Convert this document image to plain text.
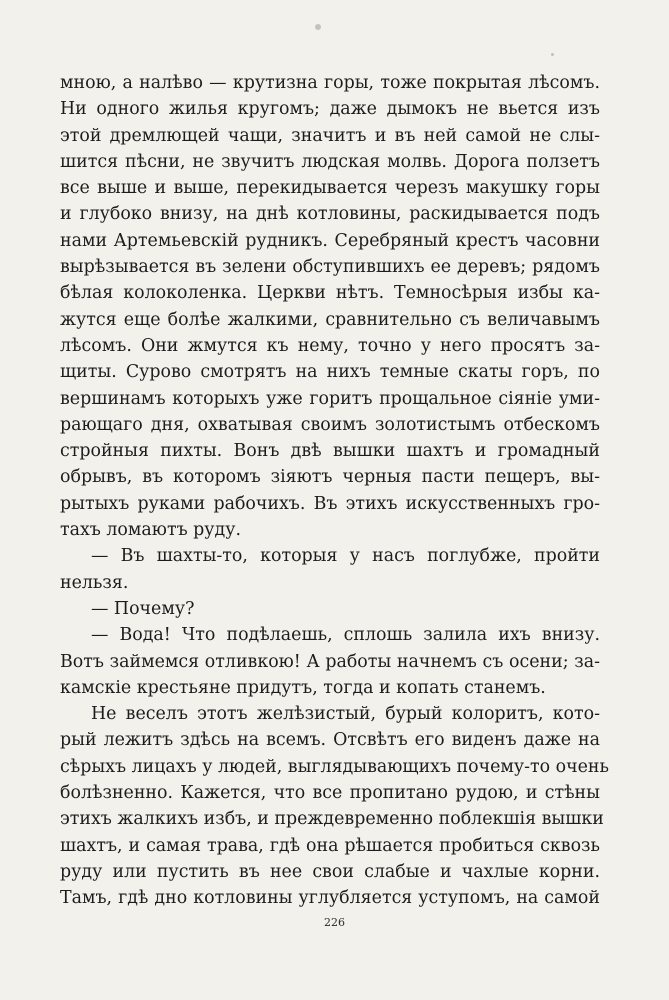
мною, а налѣво — крутизна горы, тоже покрытая лѣсомъ.
Ни одного жилья кругомъ; даже дымокъ не вьется изъ
этой дремлющей чащи, значитъ и въ ней самой не слы-
шится пѣсни, не звучитъ людская молвь. Дорога ползетъ
все выше и выше, перекидывается черезъ макушку горы
и глубоко внизу, на днѣ котловины, раскидывается подъ
нами Артемьевскій рудникъ. Серебряный крестъ часовни
вырѣзывается въ зелени обступившихъ ее деревъ; рядомъ
бѣлая колоколенка. Церкви нѣтъ. Темносѣрыя избы ка-
жутся еще болѣе жалкими, сравнительно съ величавымъ
лѣсомъ. Они жмутся къ нему, точно у него просятъ за-
щиты. Сурово смотрятъ на нихъ темные скаты горъ, по
вершинамъ которыхъ уже горитъ прощальное сіяніе уми-
рающаго дня, охватывая своимъ золотистымъ отбескомъ
стройныя пихты. Вонъ двѣ вышки шахтъ и громадный
обрывъ, въ которомъ зіяютъ черныя пасти пещеръ, вы-
рытыхъ руками рабочихъ. Въ этихъ искусственныхъ гро-
тахъ ломаютъ руду.
— Въ шахты-то, которыя у насъ поглубже, пройти
нельзя.
— Почему?
— Вода! Что подѣлаешь, сплошь залила ихъ внизу.
Вотъ займемся отливкою! А работы начнемъ съ осени; за-
камскіе крестьяне придутъ, тогда и копать станемъ.
Не веселъ этотъ желѣзистый, бурый колоритъ, кото-
рый лежитъ здѣсь на всемъ. Отсвѣтъ его виденъ даже на
сѣрыхъ лицахъ у людей, выглядывающихъ почему-то очень
болѣзненно. Кажется, что все пропитано рудою, и стѣны
этихъ жалкихъ избъ, и преждевременно поблекшія вышки
шахтъ, и самая трава, гдѣ она рѣшается пробиться сквозь
руду или пустить въ нее свои слабые и чахлые корни.
Тамъ, гдѣ дно котловины углубляется уступомъ, на самой
226
